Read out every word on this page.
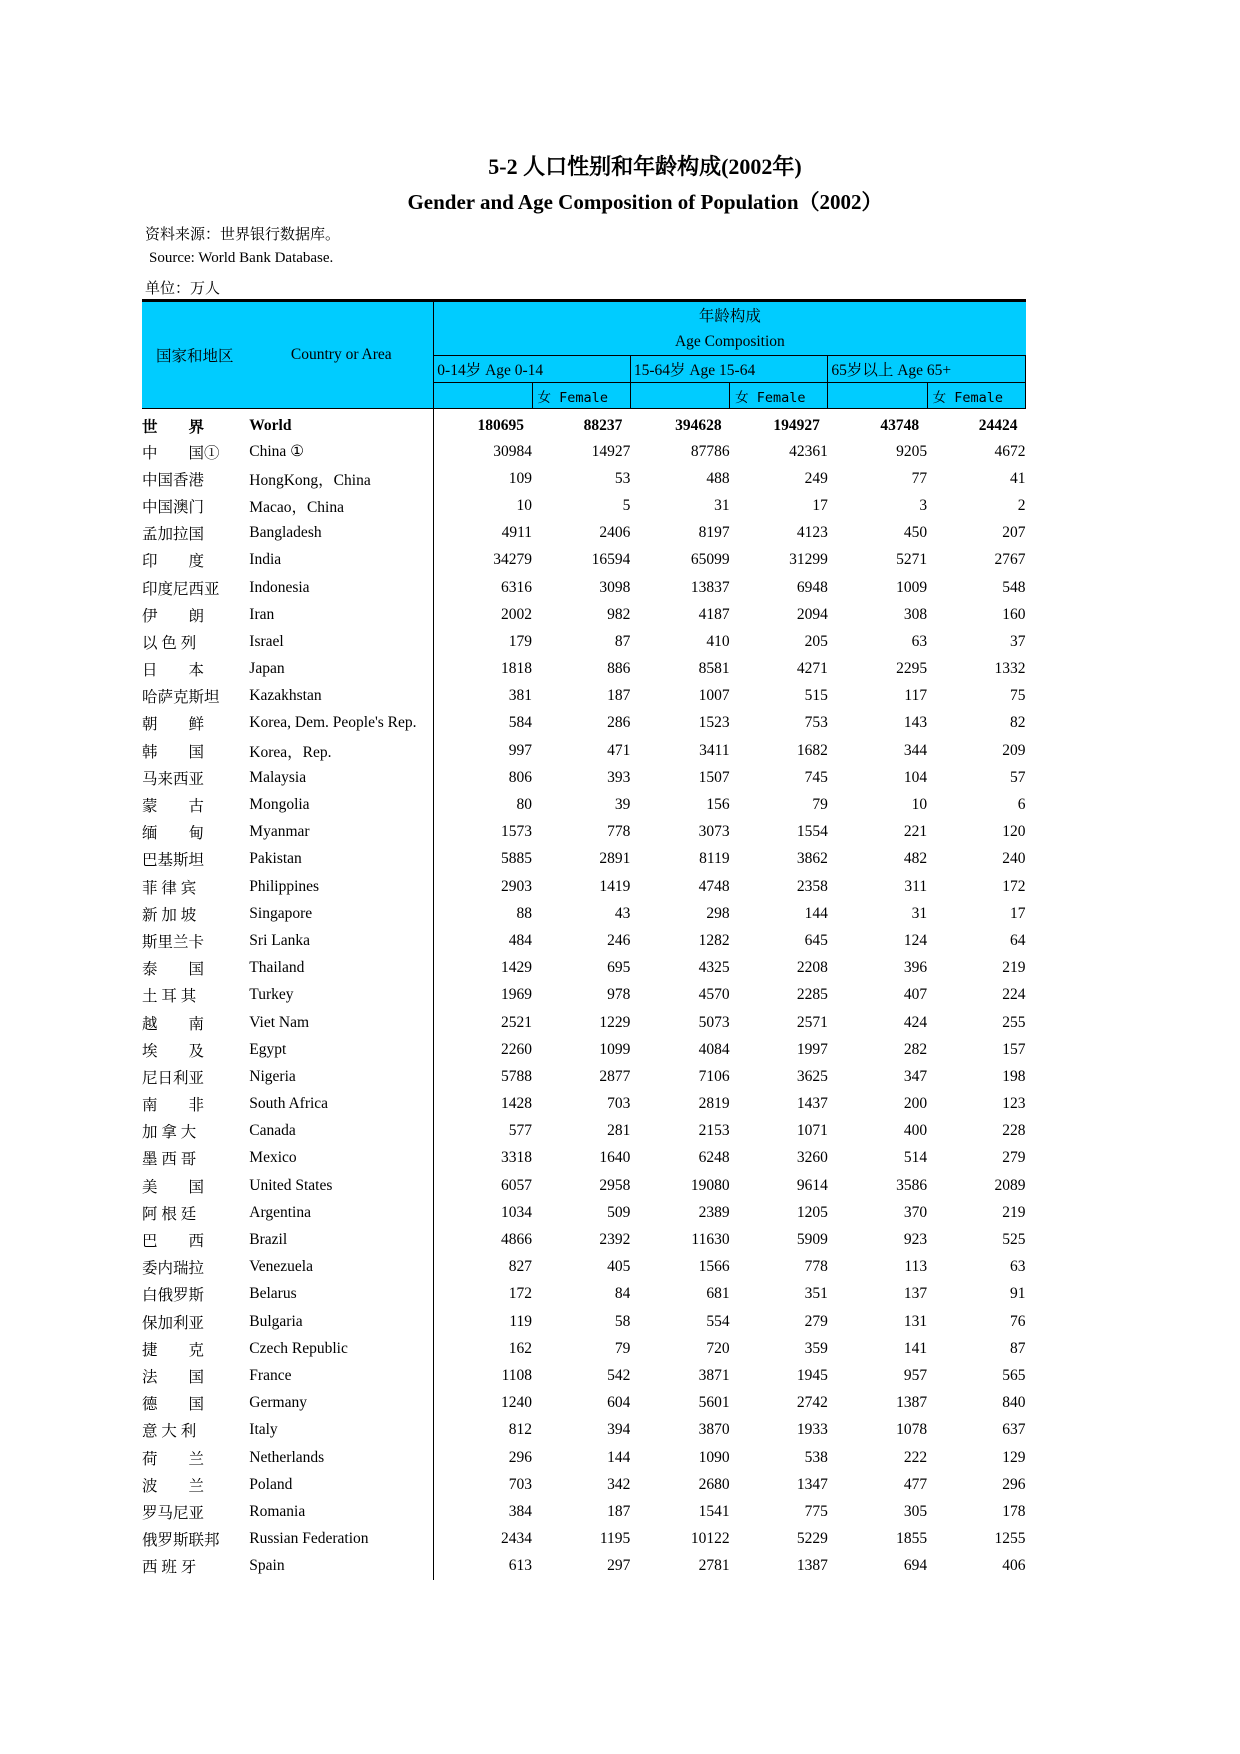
5-2 人口性别和年龄构成(2002年)
Gender and Age Composition of Population（2002）
资料来源：世界银行数据库。
Source: World Bank Database.
单位：万人
国家和地区	Country or Area	年龄构成					
		Age Composition					
		0-14岁 Age 0-14		15-64岁 Age 15-64		65岁以上 Age 65+	
			女 Female		女 Female		女 Female
世　　界	World	180695	88237	394628	194927	43748	24424
中　　国①	China ①	30984	14927	87786	42361	9205	4672
中国香港	HongKong，China	109	53	488	249	77	41
中国澳门	Macao，China	10	5	31	17	3	2
孟加拉国	Bangladesh	4911	2406	8197	4123	450	207
印　　度	India	34279	16594	65099	31299	5271	2767
印度尼西亚	Indonesia	6316	3098	13837	6948	1009	548
伊　　朗	Iran	2002	982	4187	2094	308	160
以 色 列	Israel	179	87	410	205	63	37
日　　本	Japan	1818	886	8581	4271	2295	1332
哈萨克斯坦	Kazakhstan	381	187	1007	515	117	75
朝　　鲜	Korea, Dem. People's Rep.	584	286	1523	753	143	82
韩　　国	Korea，Rep.	997	471	3411	1682	344	209
马来西亚	Malaysia	806	393	1507	745	104	57
蒙　　古	Mongolia	80	39	156	79	10	6
缅　　甸	Myanmar	1573	778	3073	1554	221	120
巴基斯坦	Pakistan	5885	2891	8119	3862	482	240
菲 律 宾	Philippines	2903	1419	4748	2358	311	172
新 加 坡	Singapore	88	43	298	144	31	17
斯里兰卡	Sri Lanka	484	246	1282	645	124	64
泰　　国	Thailand	1429	695	4325	2208	396	219
土 耳 其	Turkey	1969	978	4570	2285	407	224
越　　南	Viet Nam	2521	1229	5073	2571	424	255
埃　　及	Egypt	2260	1099	4084	1997	282	157
尼日利亚	Nigeria	5788	2877	7106	3625	347	198
南　　非	South Africa	1428	703	2819	1437	200	123
加 拿 大	Canada	577	281	2153	1071	400	228
墨 西 哥	Mexico	3318	1640	6248	3260	514	279
美　　国	United States	6057	2958	19080	9614	3586	2089
阿 根 廷	Argentina	1034	509	2389	1205	370	219
巴　　西	Brazil	4866	2392	11630	5909	923	525
委内瑞拉	Venezuela	827	405	1566	778	113	63
白俄罗斯	Belarus	172	84	681	351	137	91
保加利亚	Bulgaria	119	58	554	279	131	76
捷　　克	Czech Republic	162	79	720	359	141	87
法　　国	France	1108	542	3871	1945	957	565
德　　国	Germany	1240	604	5601	2742	1387	840
意 大 利	Italy	812	394	3870	1933	1078	637
荷　　兰	Netherlands	296	144	1090	538	222	129
波　　兰	Poland	703	342	2680	1347	477	296
罗马尼亚	Romania	384	187	1541	775	305	178
俄罗斯联邦	Russian Federation	2434	1195	10122	5229	1855	1255
西 班 牙	Spain	613	297	2781	1387	694	406
